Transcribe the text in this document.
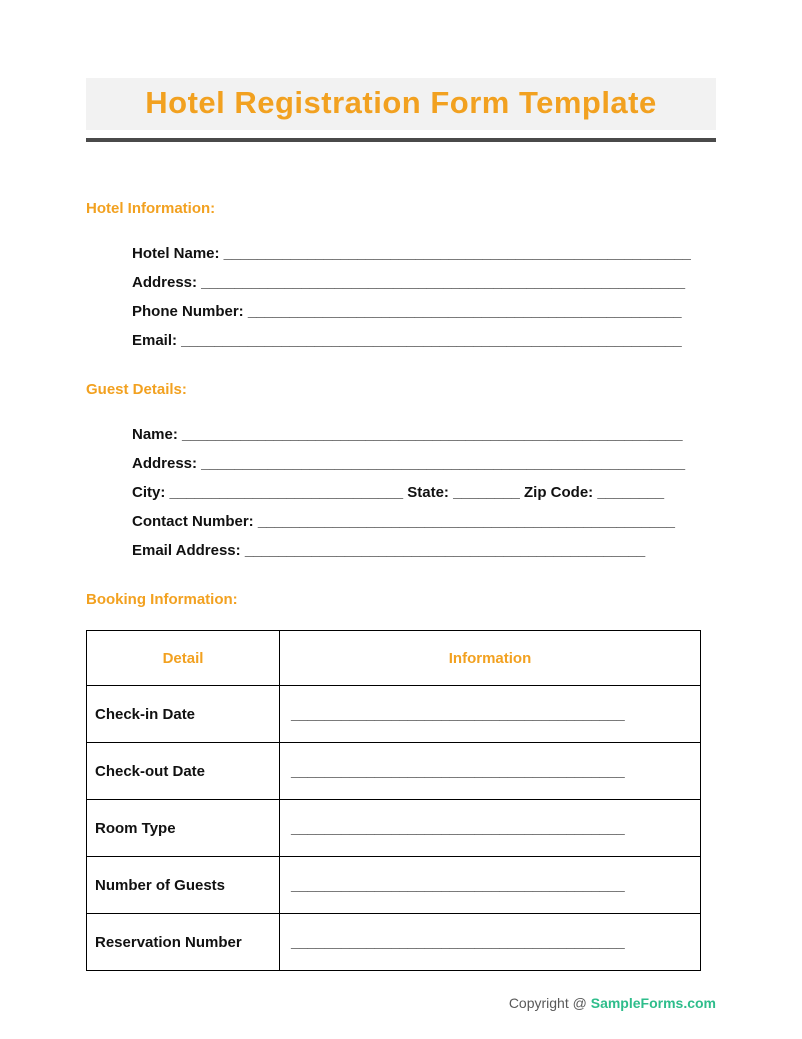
Hotel Registration Form Template
Hotel Information:
• Hotel Name: ________________________________________________________
• Address: __________________________________________________________
• Phone Number: ____________________________________________________
• Email: ____________________________________________________________
Guest Details:
• Name: ____________________________________________________________
• Address: __________________________________________________________
• City: ____________________________ State: ________ Zip Code: ________
• Contact Number: __________________________________________________
• Email Address: ________________________________________________
Booking Information:
Detail	Information
Check-in Date	________________________________________
Check-out Date	________________________________________
Room Type	________________________________________
Number of Guests	________________________________________
Reservation Number	________________________________________
Copyright @ SampleForms.com
